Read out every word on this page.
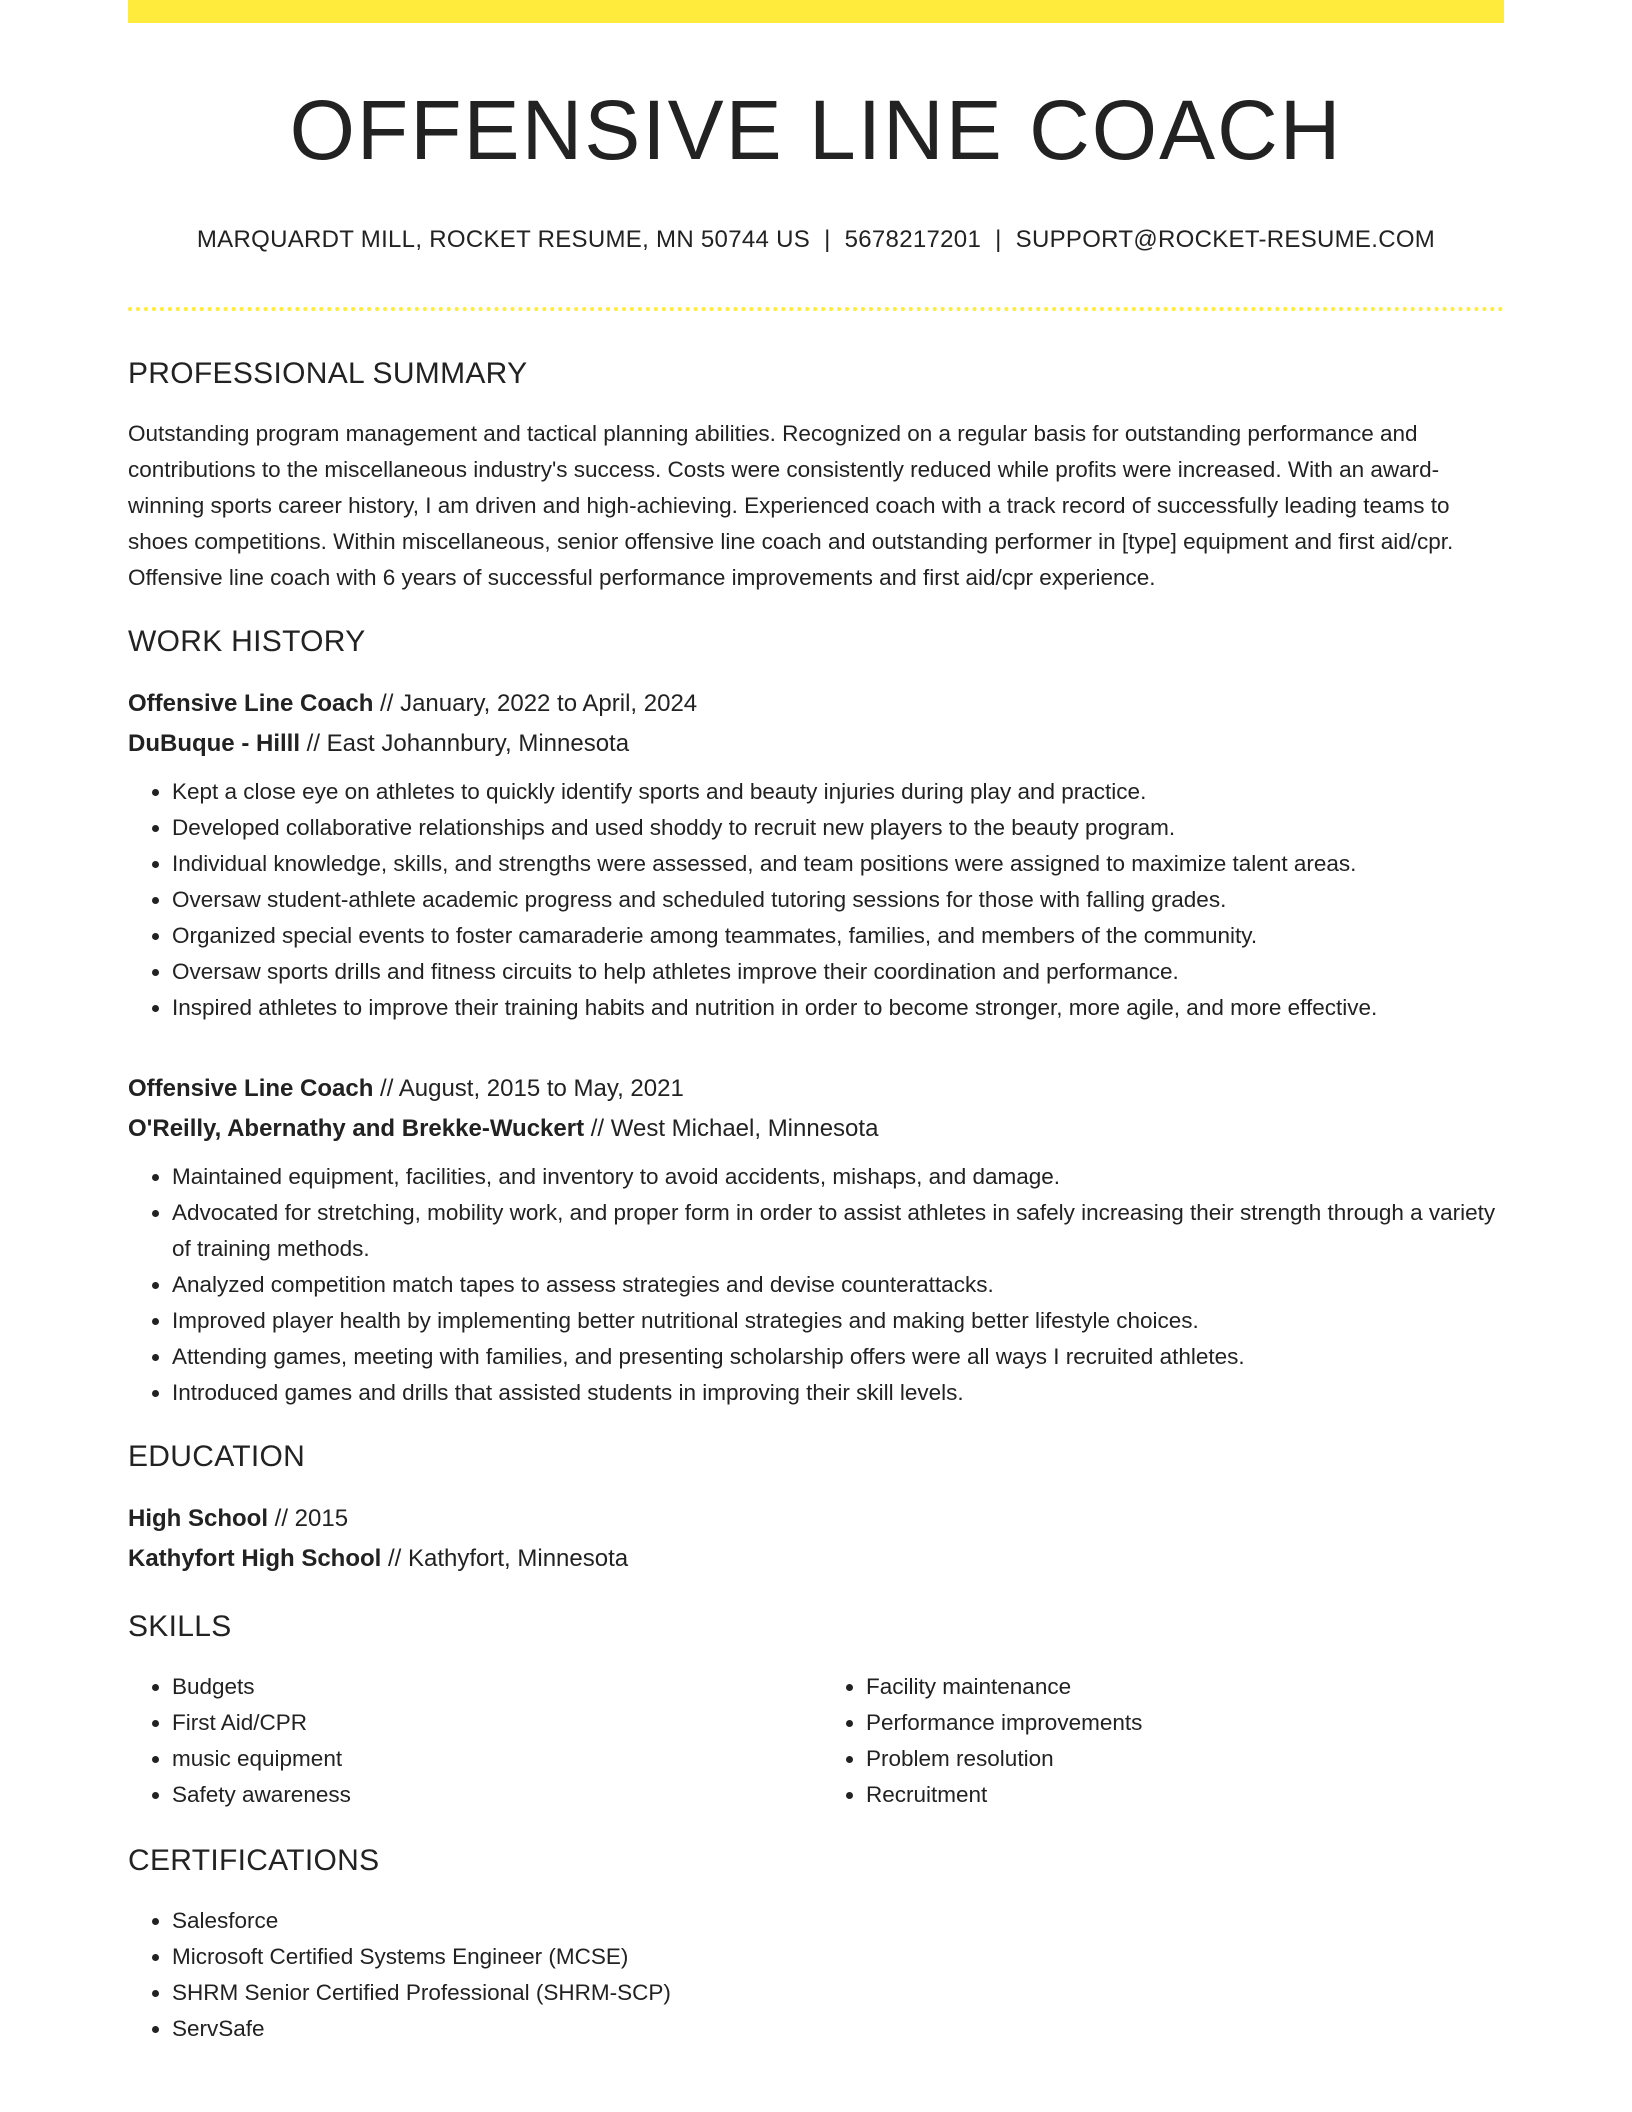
OFFENSIVE LINE COACH
MARQUARDT MILL, ROCKET RESUME, MN 50744 US | 5678217201 | SUPPORT@ROCKET-RESUME.COM
PROFESSIONAL SUMMARY

Outstanding program management and tactical planning abilities. Recognized on a regular basis for outstanding performance and contributions to the miscellaneous industry's success. Costs were consistently reduced while profits were increased. With an award-winning sports career history, I am driven and high-achieving. Experienced coach with a track record of successfully leading teams to shoes competitions. Within miscellaneous, senior offensive line coach and outstanding performer in [type] equipment and first aid/cpr. Offensive line coach with 6 years of successful performance improvements and first aid/cpr experience.

WORK HISTORY
Offensive Line Coach // January, 2022 to April, 2024
DuBuque - Hilll // East Johannbury, Minnesota
• Kept a close eye on athletes to quickly identify sports and beauty injuries during play and practice.
• Developed collaborative relationships and used shoddy to recruit new players to the beauty program.
• Individual knowledge, skills, and strengths were assessed, and team positions were assigned to maximize talent areas.
• Oversaw student-athlete academic progress and scheduled tutoring sessions for those with falling grades.
• Organized special events to foster camaraderie among teammates, families, and members of the community.
• Oversaw sports drills and fitness circuits to help athletes improve their coordination and performance.
• Inspired athletes to improve their training habits and nutrition in order to become stronger, more agile, and more effective.
Offensive Line Coach // August, 2015 to May, 2021
O'Reilly, Abernathy and Brekke-Wuckert // West Michael, Minnesota
• Maintained equipment, facilities, and inventory to avoid accidents, mishaps, and damage.
• Advocated for stretching, mobility work, and proper form in order to assist athletes in safely increasing their strength through a variety of training methods.
• Analyzed competition match tapes to assess strategies and devise counterattacks.
• Improved player health by implementing better nutritional strategies and making better lifestyle choices.
• Attending games, meeting with families, and presenting scholarship offers were all ways I recruited athletes.
• Introduced games and drills that assisted students in improving their skill levels.
EDUCATION
High School // 2015
Kathyfort High School // Kathyfort, Minnesota
SKILLS
• Budgets
• First Aid/CPR
• music equipment
• Safety awareness
• Facility maintenance
• Performance improvements
• Problem resolution
• Recruitment
CERTIFICATIONS
• Salesforce
• Microsoft Certified Systems Engineer (MCSE)
• SHRM Senior Certified Professional (SHRM-SCP)
• ServSafe
